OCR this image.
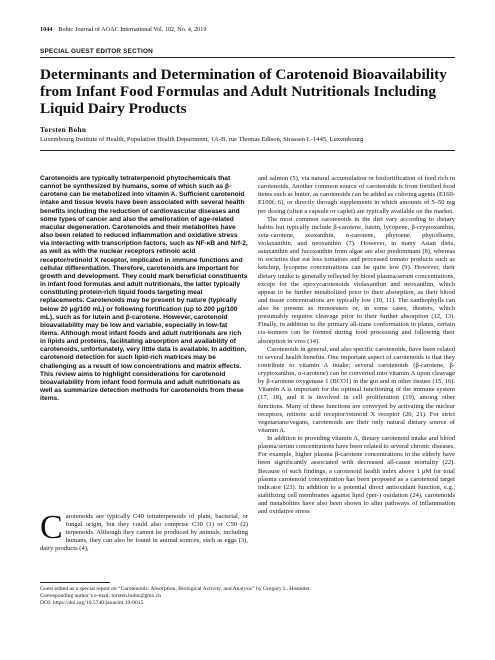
1044 Bohn: Journal of AOAC International Vol. 102, No. 4, 2019
SPECIAL GUEST EDITOR SECTION
Determinants and Determination of Carotenoid Bioavailability from Infant Food Formulas and Adult Nutritionals Including Liquid Dairy Products
Torsten Bohn
Luxembourg Institute of Health, Population Health Department, 1A-B, rue Thomas Edison, Strassen L-1445, Luxembourg

Carotenoids are typically tetraterpenoid phytochemicals that cannot be synthesized by humans, some of which such as β-carotene can be metabolized into vitamin A. Sufficient carotenoid intake and tissue levels have been associated with several health benefits including the reduction of cardiovascular diseases and some types of cancer and also the amelioration of age-related macular degeneration. Carotenoids and their metabolites have also been related to reduced inflammation and oxidative stress via interacting with transcription factors, such as NF-κB and Nrf-2, as well as with the nuclear receptors retinoic acid receptor/retinoid X receptor, implicated in immune functions and cellular differentiation. Therefore, carotenoids are important for growth and development. They could mark beneficial constituents in infant food formulas and adult nutritionals, the latter typically constituting protein-rich liquid foods targeting meal replacements. Carotenoids may be present by nature (typically below 20 μg/100 mL) or following fortification (up to 200 μg/100 mL), such as for lutein and β-carotene. However, carotenoid bioavailability may be low and variable, especially in low-fat items. Although most infant foods and adult nutritionals are rich in lipids and proteins, facilitating absorption and availability of carotenoids, unfortunately, very little data is available. In addition, carotenoid detection for such lipid-rich matrices may be challenging as a result of low concentrations and matrix effects. This review aims to highlight considerations for carotenoid bioavailability from infant food formula and adult nutritionals as well as summarize detection methods for carotenoids from these items.

Carotenoids are typically C40 tetraterpenoids of plant, bacterial, or fungal origin, but they could also comprise C30 (1) or C50 (2) terpenoids. Although they cannot be produced by animals, including humans, they can also be found in animal sources, such as eggs (3), dairy products (4),

Guest edited as a special report on “Carotenoids: Absorption, Biological Activity, and Analysis” by Gregory L. Hostetler.
Corresponding author’s e-mail: torsten.bohn@gmx.ch
DOI: https://doi.org/10.5740/jaoacint.19-0015

and salmon (5), via natural accumulation or biofortification of feed rich in carotenoids. Another common source of carotenoids is from fortified food items such as butter, as carotenoids can be added as coloring agents (E160-E160f; 6), or directly through supplements in which amounts of 5–50 mg per dosing (often a capsule or caplet) are typically available on the market.

The most common carotenoids in the diet vary according to dietary habits but typically include β-carotene, lutein, lycopene, β-cryptoxanthin, zeta-carotene, zeaxanthin, α-carotene, phytoene, phytofluene, violaxanthin, and neoxanthin (7). However, in many Asian diets, astaxanthin and fucoxanthin from algae are also predominant (8), whereas in societies that eat less tomatoes and processed tomato products such as ketchup, lycopene concentrations can be quite low (9). However, their dietary intake is generally reflected by blood plasma/serum concentrations, except for the epoxycarotenoids violaxanthin and neoxanthin, which appear to be further metabolized prior to their absorption, as their blood and tissue concentrations are typically low (10, 11). The xanthophylls can also be present as monoesters or, in some cases, diesters, which presumably requires cleavage prior to their further absorption (12, 13). Finally, in addition to the primary all-trans conformation in plants, certain cis-isomers can be formed during food processing and following their absorption in vivo (14).

Carotenoids in general, and also specific carotenoids, have been related to several health benefits. One important aspect of carotenoids is that they contribute to vitamin A intake; several carotenoids (β-carotene, β-cryptoxanthin, α-carotene) can be converted into vitamin A upon cleavage by β-carotene oxygenase 1 (BCO1) in the gut and in other tissues (15, 16). Vitamin A is important for the optimal functioning of the immune system (17, 18), and it is involved in cell proliferation (19), among other functions. Many of these functions are conveyed by activating the nuclear receptors, retinoic acid receptor/retinoid X receptor (20, 21). For strict vegetarians/vegans, carotenoids are their only natural dietary source of vitamin A.

In addition to providing vitamin A, dietary carotenoid intake and blood plasma/serum concentrations have been related to several chronic diseases. For example, higher plasma β-carotene concentrations in the elderly have been significantly associated with decreased all-cause mortality (22). Because of such findings, a carotenoid health index above 1 μM for total plasma carotenoid concentration has been proposed as a carotenoid target indicator (23). In addition to a potential direct antioxidant function, e.g., stabilizing cell membranes against lipid (per-) oxidation (24), carotenoids and metabolites have also been shown to alter pathways of inflammation and oxidative stress
